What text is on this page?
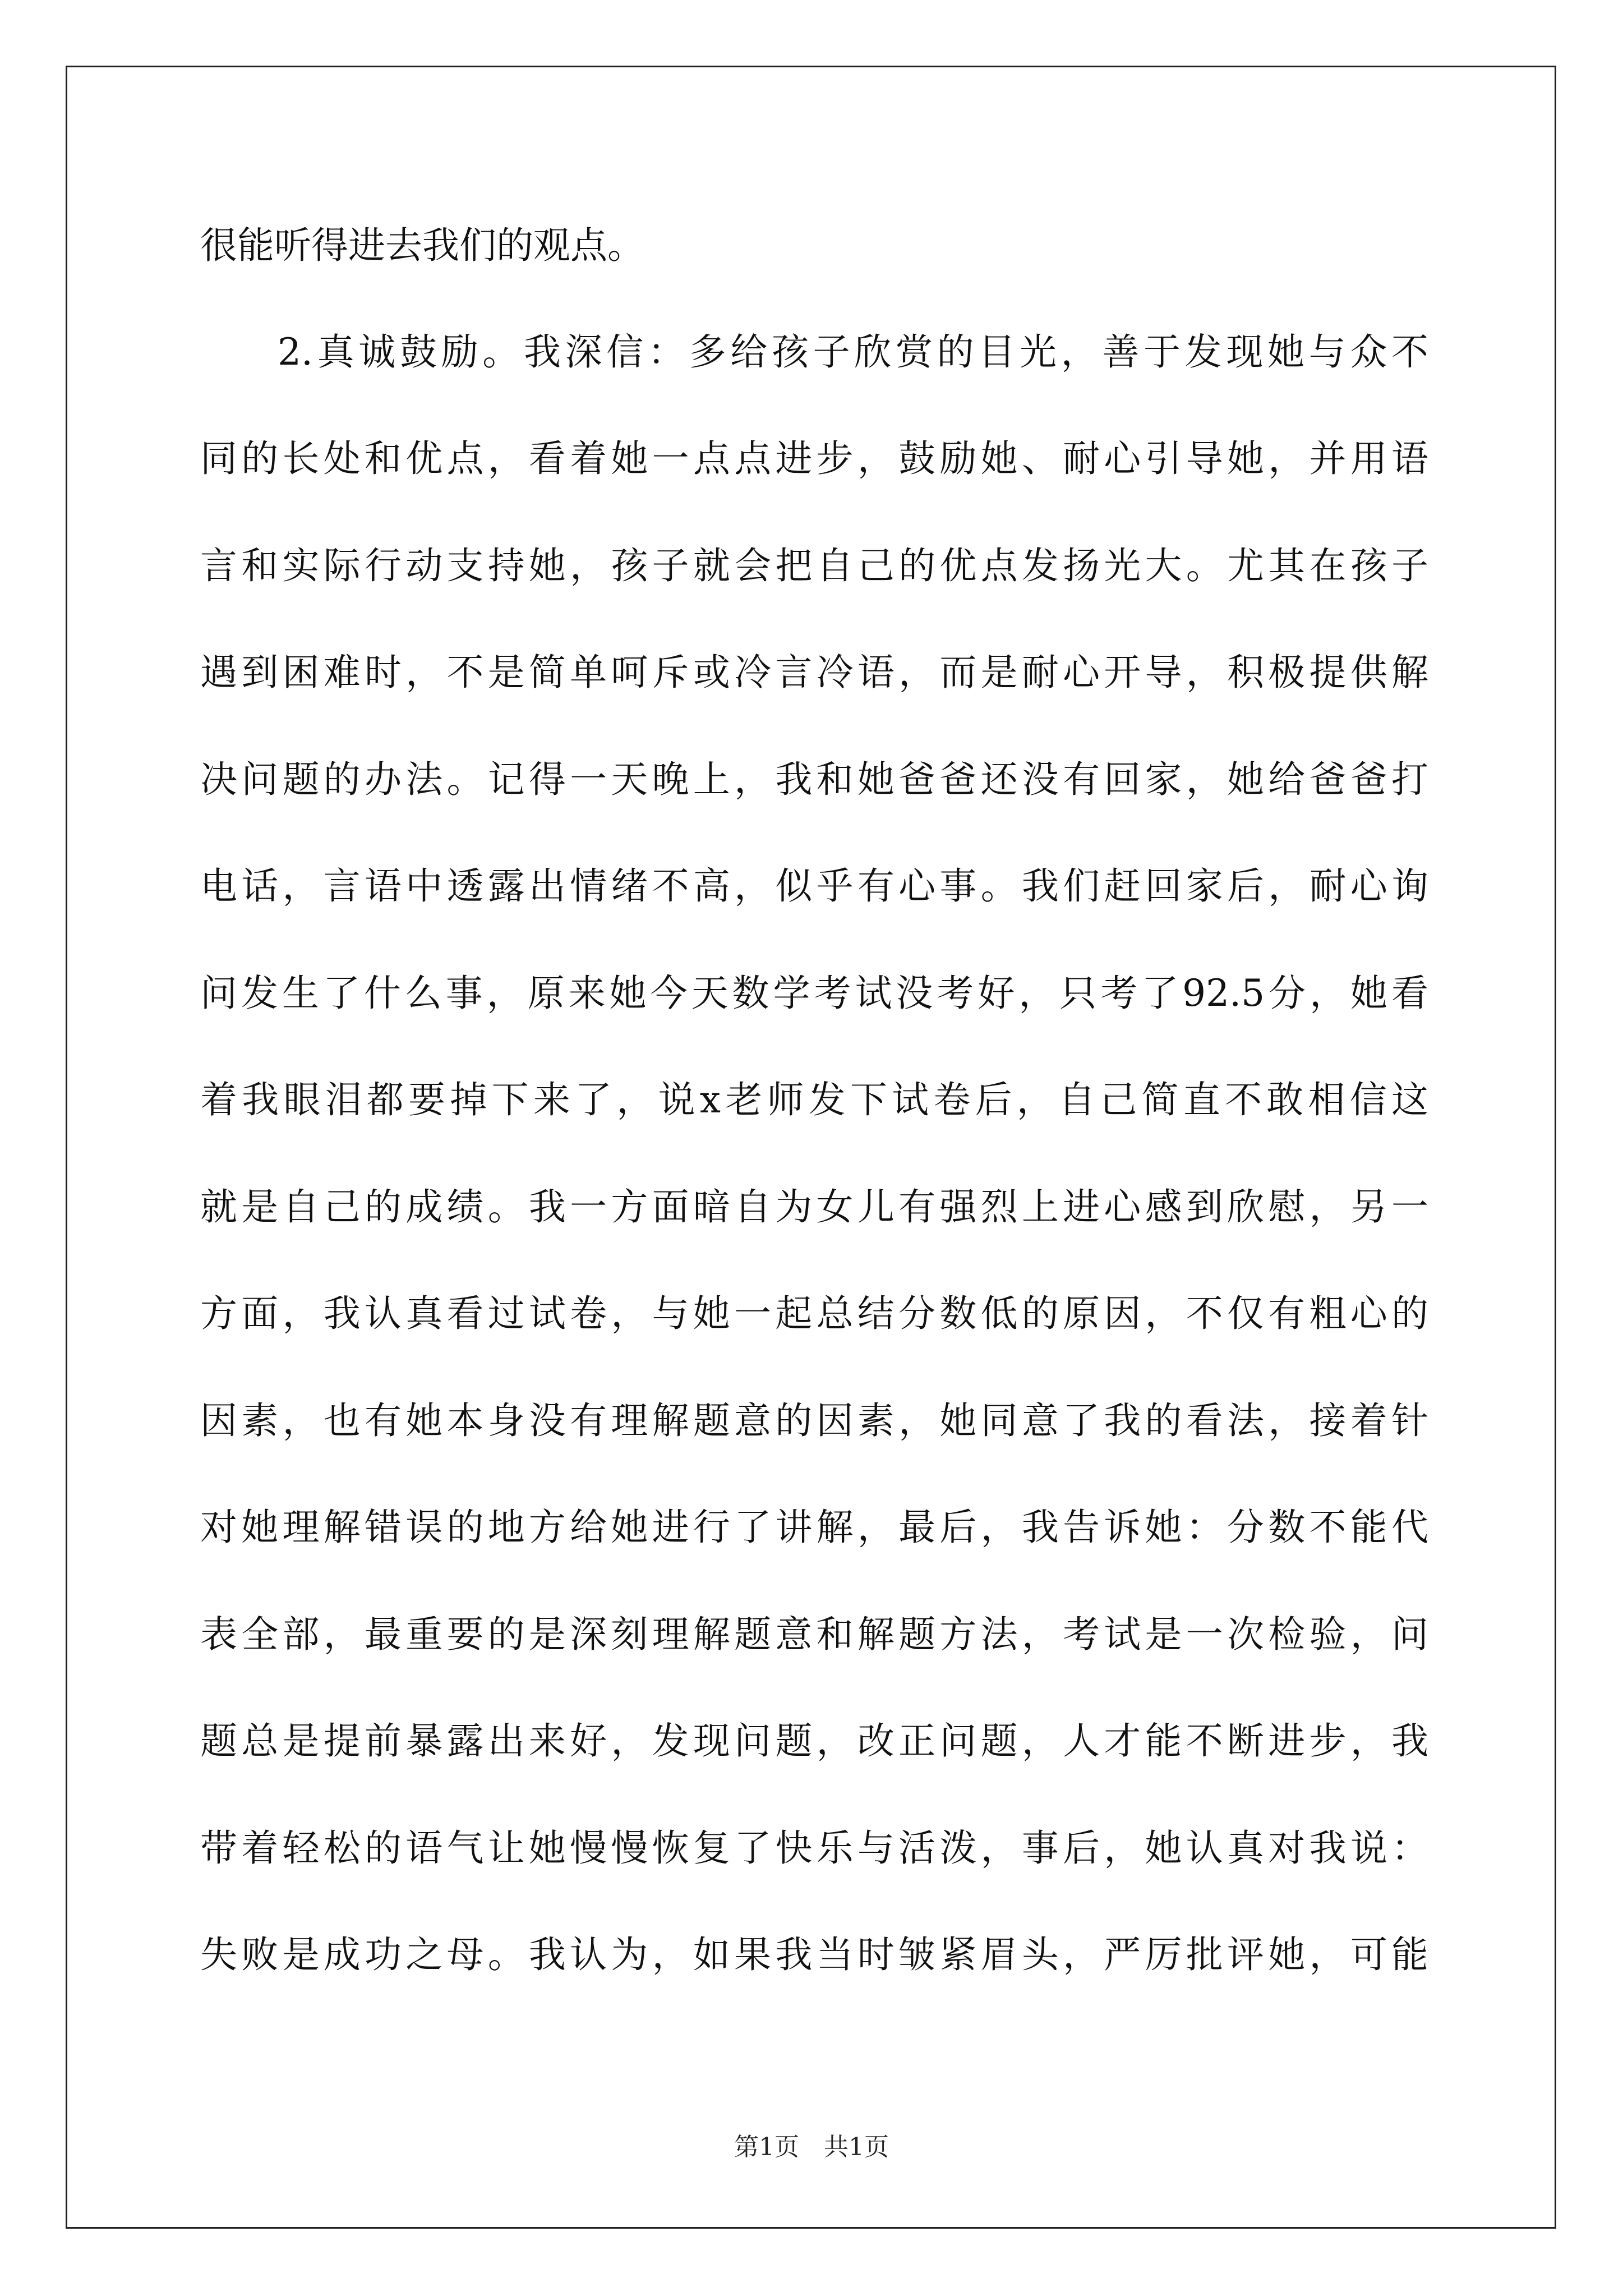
很能听得进去我们的观点。
2.真诚鼓励。我深信：多给孩子欣赏的目光，善于发现她与众不
同的长处和优点，看着她一点点进步，鼓励她、耐心引导她，并用语
言和实际行动支持她，孩子就会把自己的优点发扬光大。尤其在孩子
遇到困难时，不是简单呵斥或冷言冷语，而是耐心开导，积极提供解
决问题的办法。记得一天晚上，我和她爸爸还没有回家，她给爸爸打
电话，言语中透露出情绪不高，似乎有心事。我们赶回家后，耐心询
问发生了什么事，原来她今天数学考试没考好，只考了92.5分，她看
着我眼泪都要掉下来了，说x老师发下试卷后，自己简直不敢相信这
就是自己的成绩。我一方面暗自为女儿有强烈上进心感到欣慰，另一
方面，我认真看过试卷，与她一起总结分数低的原因，不仅有粗心的
因素，也有她本身没有理解题意的因素，她同意了我的看法，接着针
对她理解错误的地方给她进行了讲解，最后，我告诉她：分数不能代
表全部，最重要的是深刻理解题意和解题方法，考试是一次检验，问
题总是提前暴露出来好，发现问题，改正问题，人才能不断进步，我
带着轻松的语气让她慢慢恢复了快乐与活泼，事后，她认真对我说：
失败是成功之母。我认为，如果我当时皱紧眉头，严厉批评她，可能
第1页　共1页
